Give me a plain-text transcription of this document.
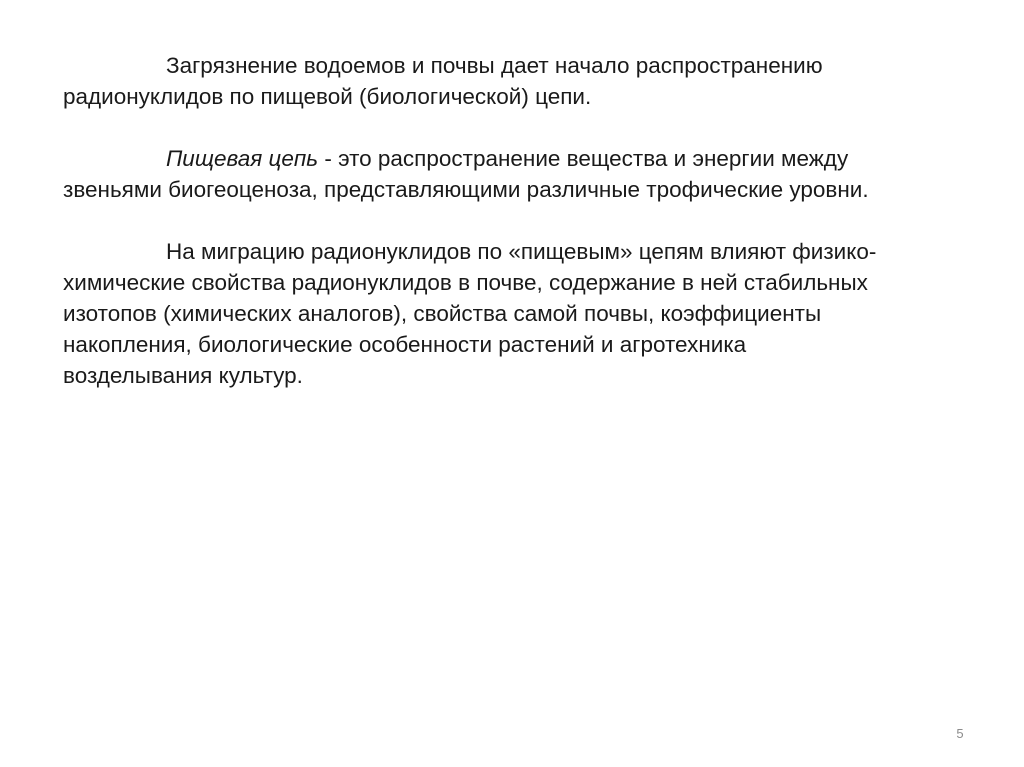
Загрязнение водоемов и почвы дает начало распространению
радионуклидов по пищевой (биологической) цепи.

Пищевая цепь - это распространение вещества и энергии между
звеньями биогеоценоза, представляющими различные трофические уровни.

На миграцию радионуклидов по «пищевым» цепям влияют физико-
химические свойства радионуклидов в почве, содержание в ней стабильных
изотопов (химических аналогов), свойства самой почвы, коэффициенты
накопления, биологические особенности растений и агротехника
возделывания культур.

5
